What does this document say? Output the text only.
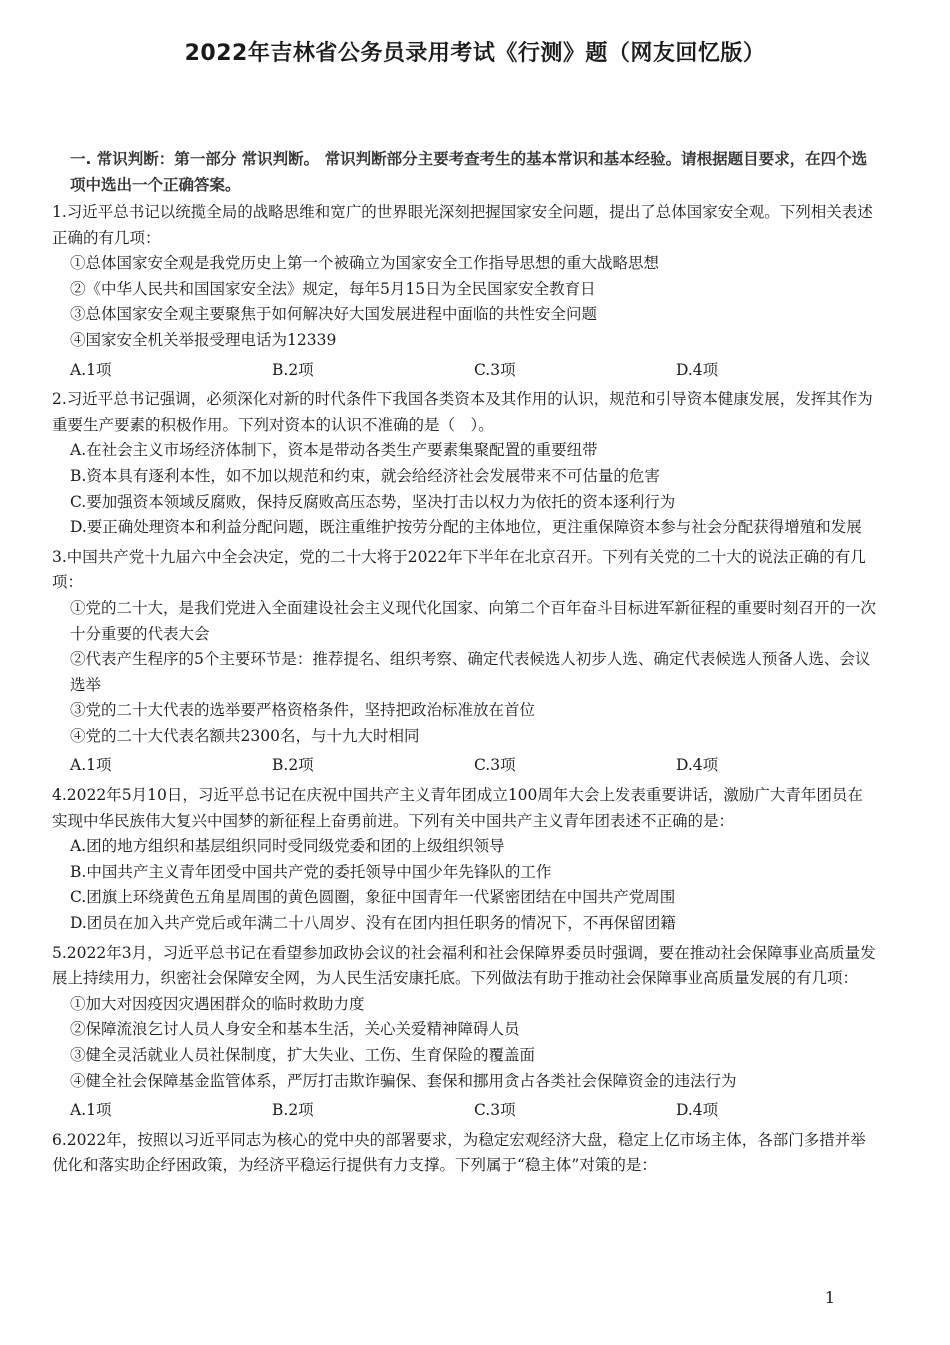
2022年吉林省公务员录用考试《行测》题（网友回忆版）
一. 常识判断：第一部分 常识判断。 常识判断部分主要考查考生的基本常识和基本经验。请根据题目要求，在四个选项中选出一个正确答案。
1.习近平总书记以统揽全局的战略思维和宽广的世界眼光深刻把握国家安全问题，提出了总体国家安全观。下列相关表述正确的有几项：
①总体国家安全观是我党历史上第一个被确立为国家安全工作指导思想的重大战略思想
②《中华人民共和国国家安全法》规定，每年5月15日为全民国家安全教育日
③总体国家安全观主要聚焦于如何解决好大国发展进程中面临的共性安全问题
④国家安全机关举报受理电话为12339
A.1项	B.2项	C.3项	D.4项
2.习近平总书记强调，必须深化对新的时代条件下我国各类资本及其作用的认识，规范和引导资本健康发展，发挥其作为重要生产要素的积极作用。下列对资本的认识不准确的是（　）。
A.在社会主义市场经济体制下，资本是带动各类生产要素集聚配置的重要纽带
B.资本具有逐利本性，如不加以规范和约束，就会给经济社会发展带来不可估量的危害
C.要加强资本领域反腐败，保持反腐败高压态势，坚决打击以权力为依托的资本逐利行为
D.要正确处理资本和利益分配问题，既注重维护按劳分配的主体地位，更注重保障资本参与社会分配获得增殖和发展
3.中国共产党十九届六中全会决定，党的二十大将于2022年下半年在北京召开。下列有关党的二十大的说法正确的有几项：
①党的二十大，是我们党进入全面建设社会主义现代化国家、向第二个百年奋斗目标进军新征程的重要时刻召开的一次十分重要的代表大会
②代表产生程序的5个主要环节是：推荐提名、组织考察、确定代表候选人初步人选、确定代表候选人预备人选、会议选举
③党的二十大代表的选举要严格资格条件，坚持把政治标准放在首位
④党的二十大代表名额共2300名，与十九大时相同
A.1项	B.2项	C.3项	D.4项
4.2022年5月10日，习近平总书记在庆祝中国共产主义青年团成立100周年大会上发表重要讲话，激励广大青年团员在实现中华民族伟大复兴中国梦的新征程上奋勇前进。下列有关中国共产主义青年团表述不正确的是：
A.团的地方组织和基层组织同时受同级党委和团的上级组织领导
B.中国共产主义青年团受中国共产党的委托领导中国少年先锋队的工作
C.团旗上环绕黄色五角星周围的黄色圆圈，象征中国青年一代紧密团结在中国共产党周围
D.团员在加入共产党后或年满二十八周岁、没有在团内担任职务的情况下，不再保留团籍
5.2022年3月，习近平总书记在看望参加政协会议的社会福利和社会保障界委员时强调，要在推动社会保障事业高质量发展上持续用力，织密社会保障安全网，为人民生活安康托底。下列做法有助于推动社会保障事业高质量发展的有几项：
①加大对因疫因灾遇困群众的临时救助力度
②保障流浪乞讨人员人身安全和基本生活，关心关爱精神障碍人员
③健全灵活就业人员社保制度，扩大失业、工伤、生育保险的覆盖面
④健全社会保障基金监管体系，严厉打击欺诈骗保、套保和挪用贪占各类社会保障资金的违法行为
A.1项	B.2项	C.3项	D.4项
6.2022年，按照以习近平同志为核心的党中央的部署要求，为稳定宏观经济大盘，稳定上亿市场主体，各部门多措并举优化和落实助企纾困政策，为经济平稳运行提供有力支撑。下列属于“稳主体”对策的是：
1
